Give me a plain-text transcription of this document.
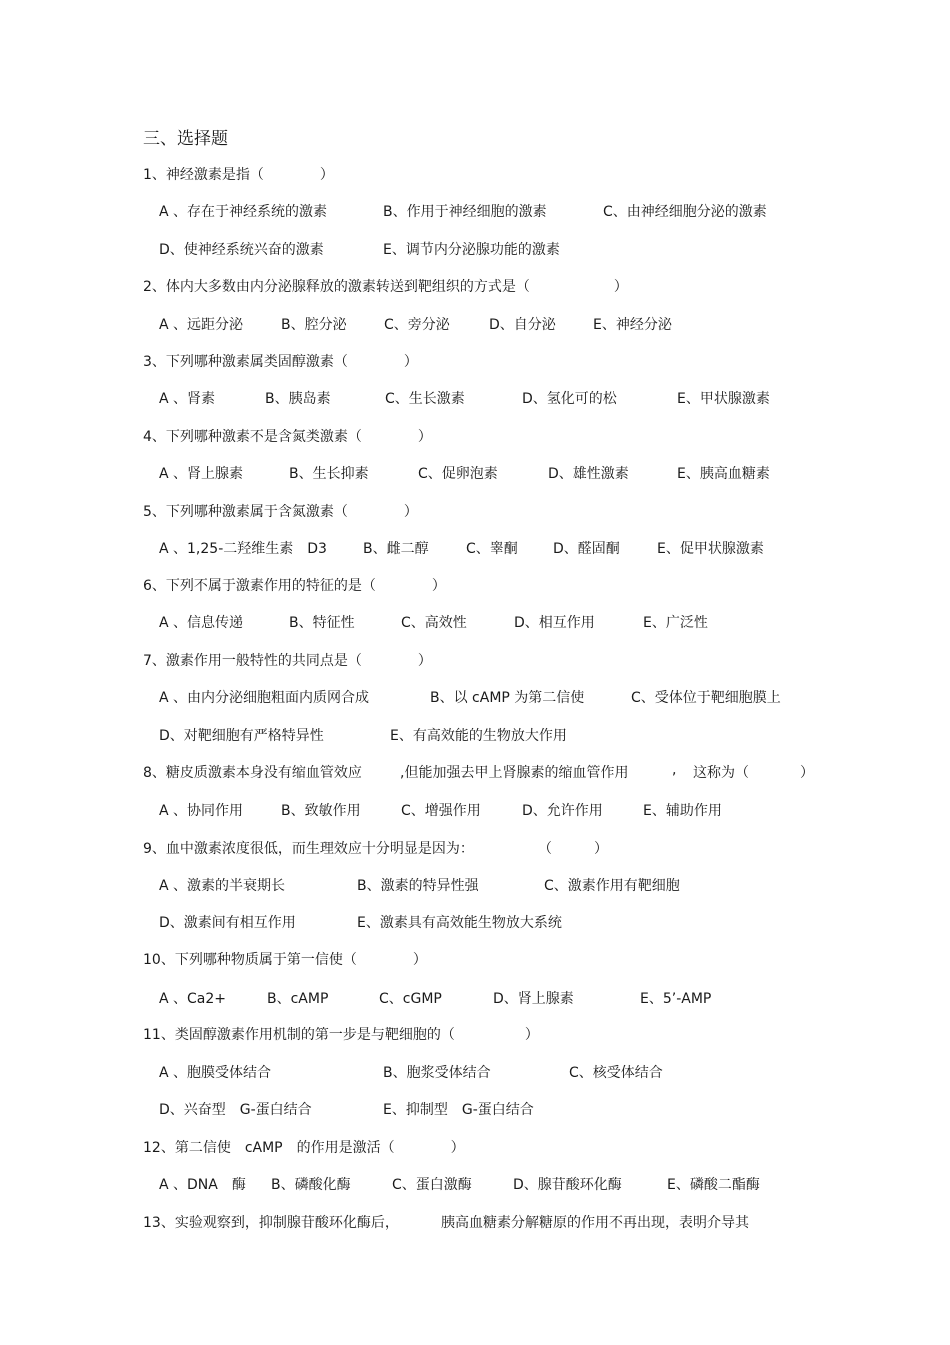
三、选择题
1、神经激素是指（　　　　）
A 、存在于神经系统的激素	B、作用于神经细胞的激素	C、由神经细胞分泌的激素
D、使神经系统兴奋的激素	E、调节内分泌腺功能的激素
2、体内大多数由内分泌腺释放的激素转送到靶组织的方式是（　　　　　　）
A 、远距分泌	B、腔分泌	C、旁分泌	D、自分泌	E、神经分泌
3、下列哪种激素属类固醇激素（　　　　）
A 、肾素	B、胰岛素	C、生长激素	D、氢化可的松	E、甲状腺激素
4、下列哪种激素不是含氮类激素（　　　　）
A 、肾上腺素	B、生长抑素	C、促卵泡素	D、雄性激素	E、胰高血糖素
5、下列哪种激素属于含氮激素（　　　　）
A 、1,25-二羟维生素　D3	B、雌二醇	C、睾酮	D、醛固酮	E、促甲状腺激素
6、下列不属于激素作用的特征的是（　　　　）
A 、信息传递	B、特征性	C、高效性	D、相互作用	E、广泛性
7、激素作用一般特性的共同点是（　　　　）
A 、由内分泌细胞粗面内质网合成	B、以 cAMP 为第二信使	C、受体位于靶细胞膜上
D、对靶细胞有严格特异性	E、有高效能的生物放大作用
8、糖皮质激素本身没有缩血管效应	,但能加强去甲上肾腺素的缩血管作用	, 这称为（	）
A 、协同作用	B、致敏作用	C、增强作用	D、允许作用	E、辅助作用
9、血中激素浓度很低，而生理效应十分明显是因为：	（　　　）
A 、激素的半衰期长	B、激素的特异性强	C、激素作用有靶细胞
D、激素间有相互作用	E、激素具有高效能生物放大系统
10、下列哪种物质属于第一信使（　　　　）
A 、Ca2+	B、cAMP	C、cGMP	D、肾上腺素	E、5’-AMP
11、类固醇激素作用机制的第一步是与靶细胞的（　　　　　）
A 、胞膜受体结合	B、胞浆受体结合	C、核受体结合
D、兴奋型　G-蛋白结合	E、抑制型　G-蛋白结合
12、第二信使　cAMP　的作用是激活（　　　　）
A 、DNA　酶 B、磷酸化酶	C、蛋白激酶	D、腺苷酸环化酶	E、磷酸二酯酶
13、实验观察到，抑制腺苷酸环化酶后，	胰高血糖素分解糖原的作用不再出现，表明介导其
